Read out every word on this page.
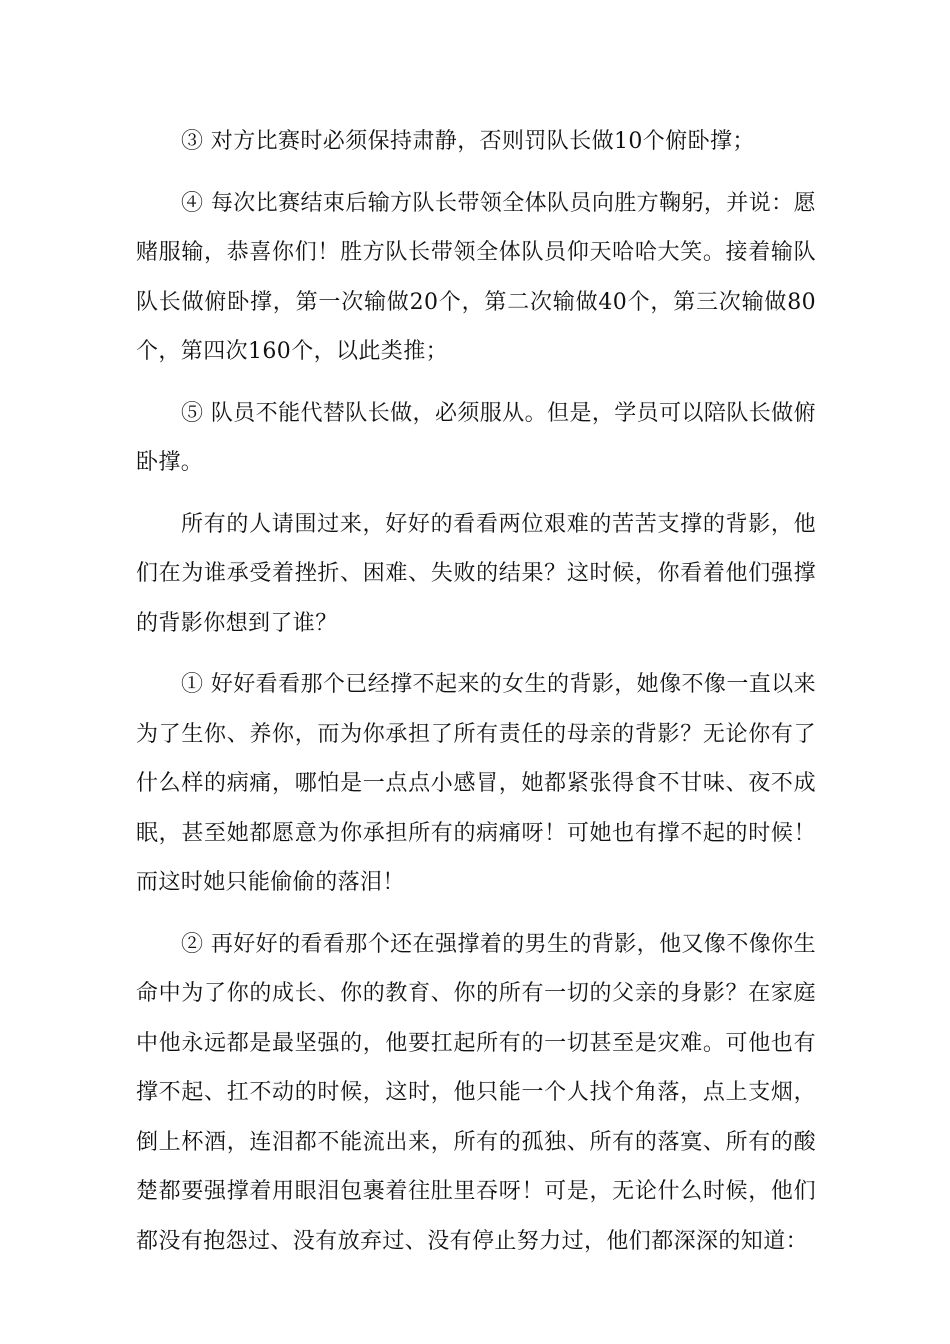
③ 对方比赛时必须保持肃静，否则罚队长做10个俯卧撑；

④ 每次比赛结束后输方队长带领全体队员向胜方鞠躬，并说：愿赌服输，恭喜你们！胜方队长带领全体队员仰天哈哈大笑。接着输队队长做俯卧撑，第一次输做20个，第二次输做40个，第三次输做80个，第四次160个，以此类推；

⑤ 队员不能代替队长做，必须服从。但是，学员可以陪队长做俯卧撑。

所有的人请围过来，好好的看看两位艰难的苦苦支撑的背影，他们在为谁承受着挫折、困难、失败的结果？这时候，你看着他们强撑的背影你想到了谁？

① 好好看看那个已经撑不起来的女生的背影，她像不像一直以来为了生你、养你，而为你承担了所有责任的母亲的背影？无论你有了什么样的病痛，哪怕是一点点小感冒，她都紧张得食不甘味、夜不成眠，甚至她都愿意为你承担所有的病痛呀！可她也有撑不起的时候！而这时她只能偷偷的落泪！

② 再好好的看看那个还在强撑着的男生的背影，他又像不像你生命中为了你的成长、你的教育、你的所有一切的父亲的身影？在家庭中他永远都是最坚强的，他要扛起所有的一切甚至是灾难。可他也有撑不起、扛不动的时候，这时，他只能一个人找个角落，点上支烟，倒上杯酒，连泪都不能流出来，所有的孤独、所有的落寞、所有的酸楚都要强撑着用眼泪包裹着往肚里吞呀！可是，无论什么时候，他们都没有抱怨过、没有放弃过、没有停止努力过，他们都深深的知道：
